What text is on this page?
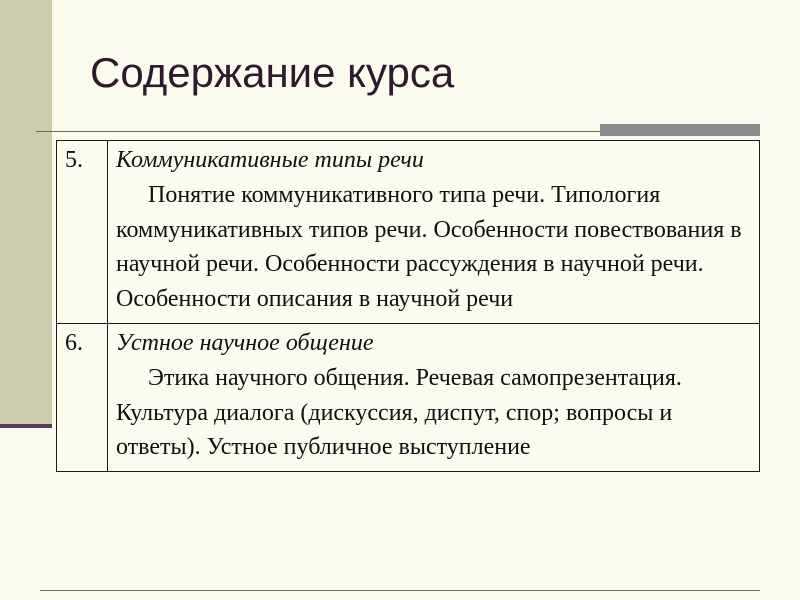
Содержание курса
5.	Коммуникативные типы речи
Понятие коммуникативного типа речи. Типология коммуникативных типов речи. Особенности повествования в научной речи. Особенности рассуждения в научной речи. Особенности описания в научной речи

6.	Устное научное общение
Этика научного общения. Речевая самопрезентация. Культура диалога (дискуссия, диспут, спор; вопросы и ответы). Устное публичное выступление
